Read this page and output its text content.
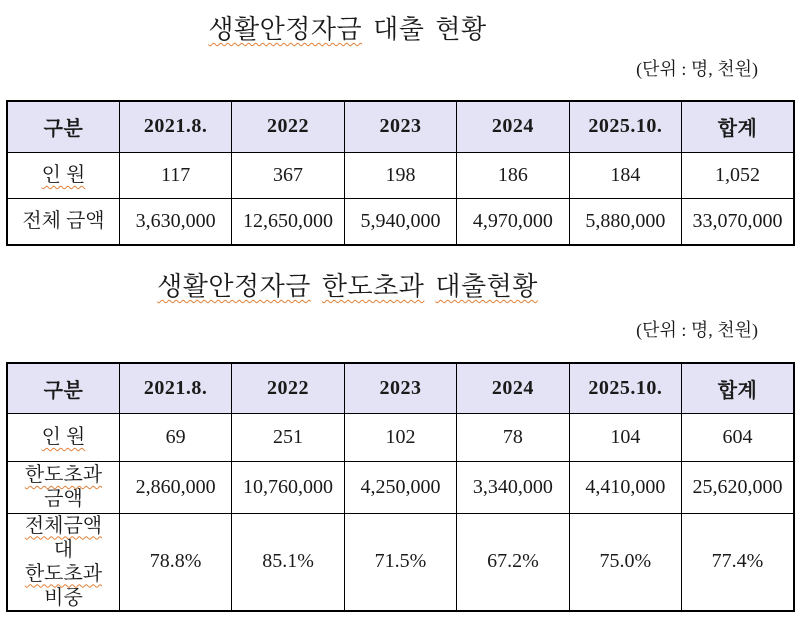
생활안정자금 대출 현황
(단위 : 명, 천원)
구분	2021.8.	2022	2023	2024	2025.10.	합계

인 원	117	367	198	186	184	1,052

전체 금액	3,630,000	12,650,000	5,940,000	4,970,000	5,880,000	33,070,000
생활안정자금 한도초과 대출현황
(단위 : 명, 천원)
구분	2021.8.	2022	2023	2024	2025.10.	합계

인 원	69	251	102	78	104	604

한도초과
금액	2,860,000	10,760,000	4,250,000	3,340,000	4,410,000	25,620,000

전체금액
대
한도초과
비중	78.8%	85.1%	71.5%	67.2%	75.0%	77.4%
